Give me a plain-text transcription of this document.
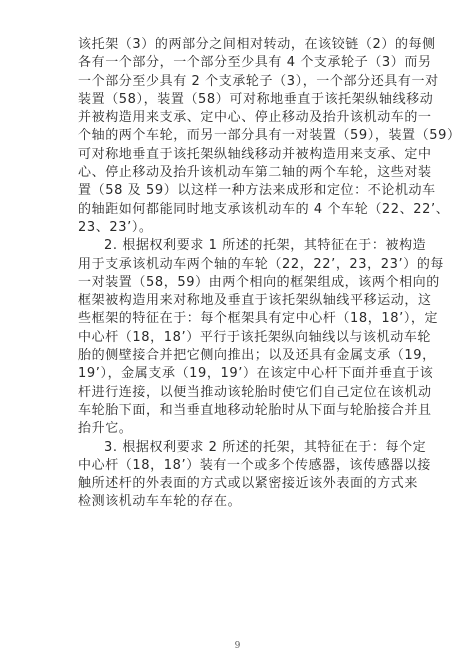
该托架（3）的两部分之间相对转动，在该铰链（2）的每侧
各有一个部分，一个部分至少具有 4 个支承轮子（3）而另
一个部分至少具有 2 个支承轮子（3），一个部分还具有一对
装置（58），装置（58）可对称地垂直于该托架纵轴线移动
并被构造用来支承、定中心、停止移动及抬升该机动车的一
个轴的两个车轮，而另一部分具有一对装置（59），装置（59）
可对称地垂直于该托架纵轴线移动并被构造用来支承、定中
心、停止移动及抬升该机动车第二轴的两个车轮，这些对装
置（58 及 59）以这样一种方法来成形和定位：不论机动车
的轴距如何都能同时地支承该机动车的 4 个车轮（22、22’、
23、23’）。
2. 根据权利要求 1 所述的托架，其特征在于：被构造
用于支承该机动车两个轴的车轮（22，22’，23，23’）的每
一对装置（58，59）由两个相向的框架组成，该两个相向的
框架被构造用来对称地及垂直于该托架纵轴线平移运动，这
些框架的特征在于：每个框架具有定中心杆（18，18’），定
中心杆（18，18’）平行于该托架纵向轴线以与该机动车轮
胎的侧壁接合并把它侧向推出；以及还具有金属支承（19，
19’），金属支承（19，19’）在该定中心杆下面并垂直于该
杆进行连接，以便当推动该轮胎时使它们自己定位在该机动
车轮胎下面，和当垂直地移动轮胎时从下面与轮胎接合并且
抬升它。
3. 根据权利要求 2 所述的托架，其特征在于：每个定
中心杆（18，18’）装有一个或多个传感器，该传感器以接
触所述杆的外表面的方式或以紧密接近该外表面的方式来
检测该机动车车轮的存在。
9
